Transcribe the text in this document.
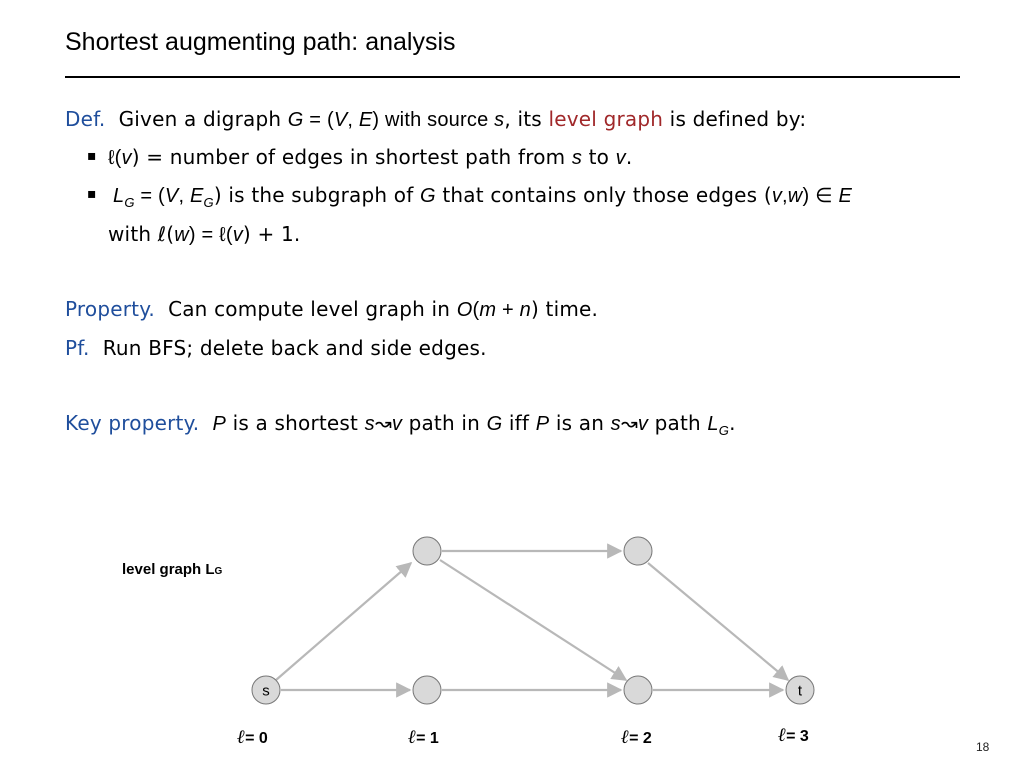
Shortest augmenting path: analysis
Def. Given a digraph G = (V, E) with source s, its level graph is defined by:
▪ ℓ(v) = number of edges in shortest path from s to v.
▪ $L_G = (V$, $E_G$) is the subgraph of G that contains only those edges (v,w) ∈ E
with ℓ(w) = ℓ(v) + 1.
Property. Can compute level graph in O(m + n) time.
Pf. Run BFS; delete back and side edges.
Key property. P is a shortest s↝v path in G iff P is an s↝v path $L_G$.
level graph LG
s	t
ℓ= 0	ℓ= 1	ℓ= 2	ℓ= 3
18
